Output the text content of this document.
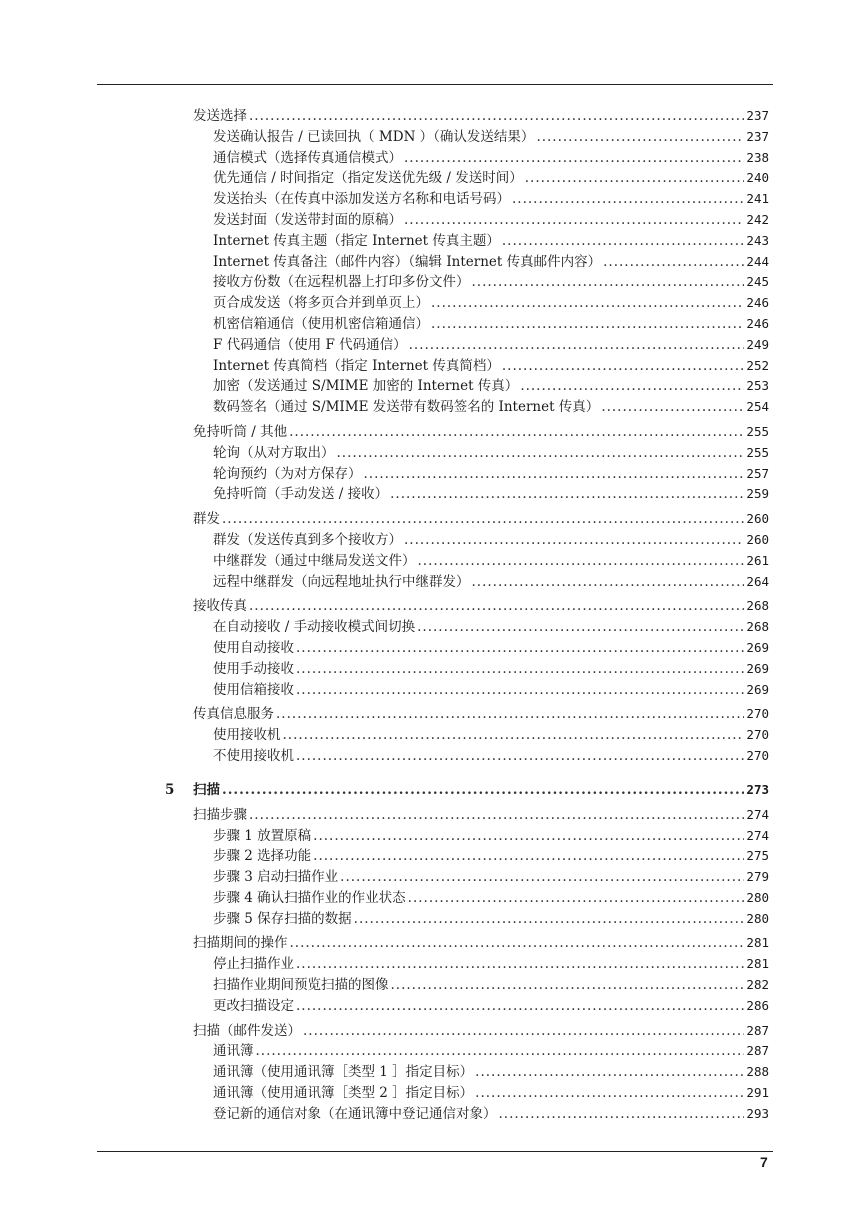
发送选择 .....	237
发送确认报告 / 已读回执（ MDN ）（确认发送结果） .....	237
通信模式（选择传真通信模式） .....	238
优先通信 / 时间指定（指定发送优先级 / 发送时间） .....	240
发送抬头（在传真中添加发送方名称和电话号码） .....	241
发送封面（发送带封面的原稿） .....	242
Internet 传真主题（指定 Internet 传真主题） .....	243
Internet 传真备注（邮件内容）（编辑 Internet 传真邮件内容） .....	244
接收方份数（在远程机器上打印多份文件） .....	245
页合成发送（将多页合并到单页上） .....	246
机密信箱通信（使用机密信箱通信） .....	246
F 代码通信（使用 F 代码通信） .....	249
Internet 传真简档（指定 Internet 传真简档） .....	252
加密（发送通过 S/MIME 加密的 Internet 传真） .....	253
数码签名（通过 S/MIME 发送带有数码签名的 Internet 传真） .....	254
免持听筒 / 其他 .....	255
轮询（从对方取出） .....	255
轮询预约（为对方保存） .....	257
免持听筒（手动发送 / 接收） .....	259
群发 .....	260
群发（发送传真到多个接收方） .....	260
中继群发（通过中继局发送文件） .....	261
远程中继群发（向远程地址执行中继群发） .....	264
接收传真 .....	268
在自动接收 / 手动接收模式间切换 .....	268
使用自动接收 .....	269
使用手动接收 .....	269
使用信箱接收 .....	269
传真信息服务 .....	270
使用接收机 .....	270
不使用接收机 .....	270
5 扫描 .....	273
扫描步骤 .....	274
步骤 1 放置原稿 .....	274
步骤 2 选择功能 .....	275
步骤 3 启动扫描作业 .....	279
步骤 4 确认扫描作业的作业状态 .....	280
步骤 5 保存扫描的数据 .....	280
扫描期间的操作 .....	281
停止扫描作业 .....	281
扫描作业期间预览扫描的图像 .....	282
更改扫描设定 .....	286
扫描（邮件发送） .....	287
通讯簿 .....	287
通讯簿（使用通讯簿［类型 1 ］指定目标） .....	288
通讯簿（使用通讯簿［类型 2 ］指定目标） .....	291
登记新的通信对象（在通讯簿中登记通信对象） .....	293
7
